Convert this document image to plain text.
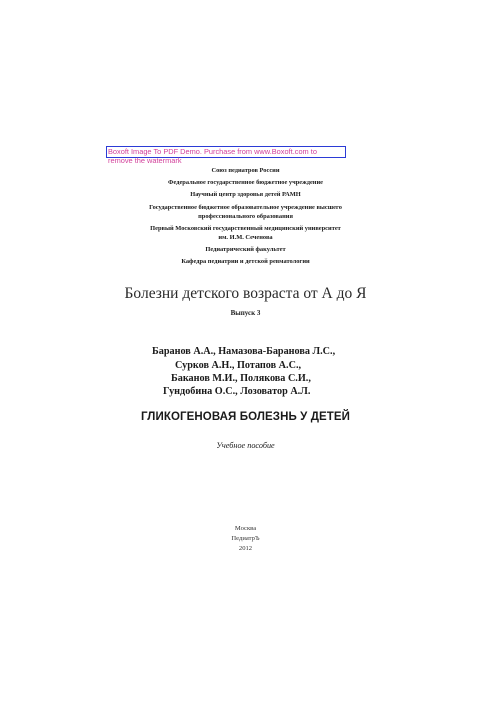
Boxoft Image To PDF Demo. Purchase from www.Boxoft.com to
remove the watermark
Союз педиатров России
Федеральное государственное бюджетное учреждение
Научный центр здоровья детей РАМН
Государственное бюджетное образовательное учреждение высшего
профессионального образования
Первый Московский государственный медицинский университет
им. И.М. Сеченова
Педиатрический факультет
Кафедра педиатрии и детской ревматологии
Болезни детского возраста от А до Я
Выпуск 3
Баранов А.А., Намазова-Баранова Л.С.,
Сурков А.Н., Потапов А.С.,
Баканов М.И., Полякова С.И.,
Гундобина О.С., Лозовaтор А.Л.
ГЛИКОГЕНОВАЯ БОЛЕЗНЬ У ДЕТЕЙ
Учебное пособие
Москва
ПедиатрЪ
2012
